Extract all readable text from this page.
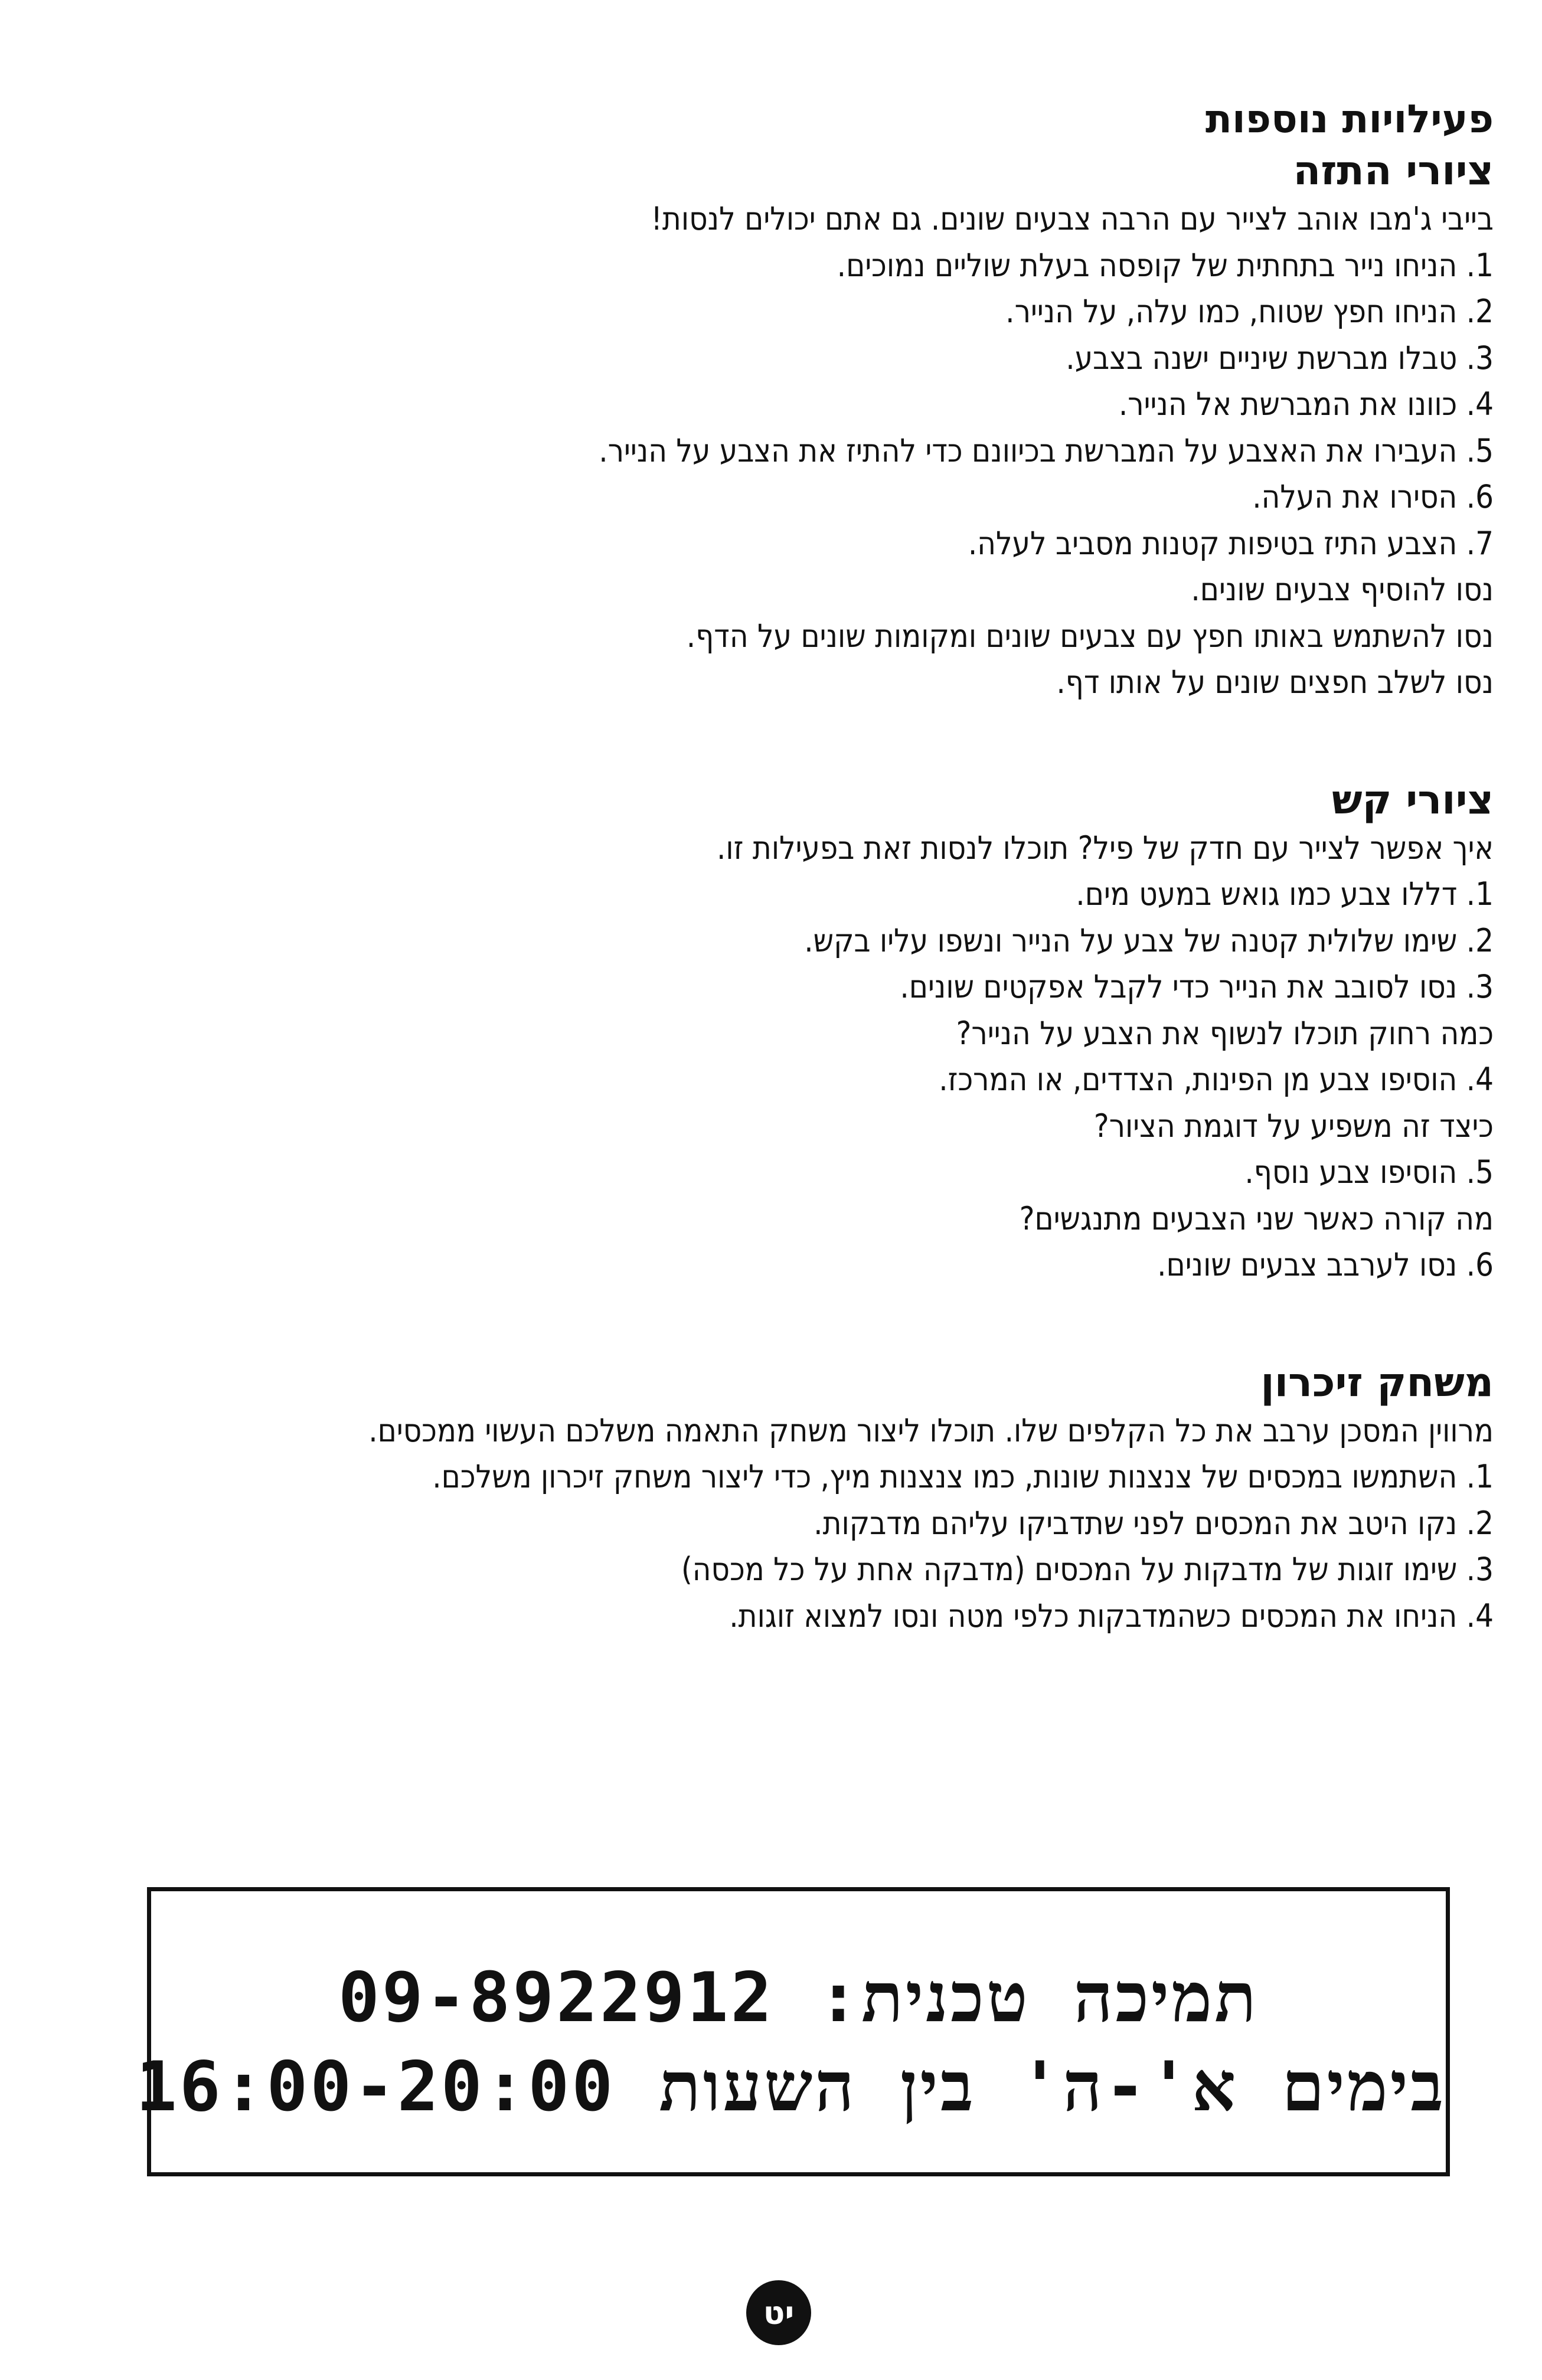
פעילויות נוספות
ציורי התזה
בייבי ג'מבו אוהב לצייר עם הרבה צבעים שונים. גם אתם יכולים לנסות!
1. הניחו נייר בתחתית של קופסה בעלת שוליים נמוכים.
2. הניחו חפץ שטוח, כמו עלה, על הנייר.
3. טבלו מברשת שיניים ישנה בצבע.
4. כוונו את המברשת אל הנייר.
5. העבירו את האצבע על המברשת בכיוונם כדי להתיז את הצבע על הנייר.
6. הסירו את העלה.
7. הצבע התיז בטיפות קטנות מסביב לעלה.
נסו להוסיף צבעים שונים.
נסו להשתמש באותו חפץ עם צבעים שונים ומקומות שונים על הדף.
נסו לשלב חפצים שונים על אותו דף.
ציורי קש
איך אפשר לצייר עם חדק של פיל? תוכלו לנסות זאת בפעילות זו.
1. דללו צבע כמו גואש במעט מים.
2. שימו שלולית קטנה של צבע על הנייר ונשפו עליו בקש.
3. נסו לסובב את הנייר כדי לקבל אפקטים שונים.
כמה רחוק תוכלו לנשוף את הצבע על הנייר?
4. הוסיפו צבע מן הפינות, הצדדים, או המרכז.
כיצד זה משפיע על דוגמת הציור?
5. הוסיפו צבע נוסף.
מה קורה כאשר שני הצבעים מתנגשים?
6. נסו לערבב צבעים שונים.
משחק זיכרון
מרווין המסכן ערבב את כל הקלפים שלו. תוכלו ליצור משחק התאמה משלכם העשוי ממכסים.
1. השתמשו במכסים של צנצנות שונות, כמו צנצנות מיץ, כדי ליצור משחק זיכרון משלכם.
2. נקו היטב את המכסים לפני שתדביקו עליהם מדבקות.
3. שימו זוגות של מדבקות על המכסים (מדבקה אחת על כל מכסה)
4. הניחו את המכסים כשהמדבקות כלפי מטה ונסו למצוא זוגות.
תמיכה טכנית: 09-8922912
בימים א'-ה' בין השעות 16:00-20:00
יט
